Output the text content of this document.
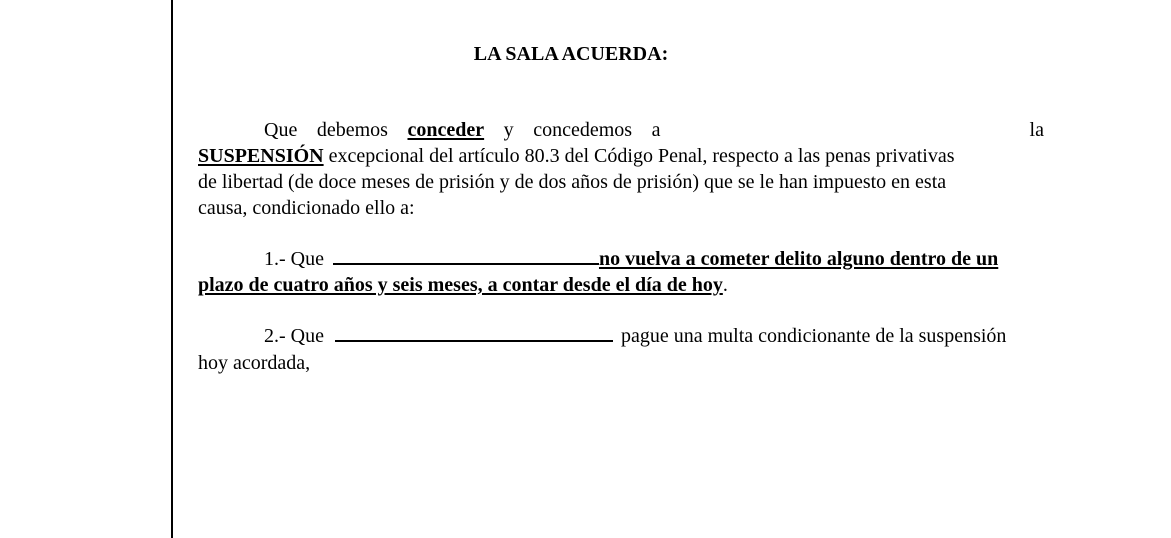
LA SALA ACUERDA:
Que debemos conceder y concedemos a	la
SUSPENSIÓN excepcional del artículo 80.3 del Código Penal, respecto a las penas privativas
de libertad (de doce meses de prisión y de dos años de prisión) que se le han impuesto en esta
causa, condicionado ello a:
1.- Que	no vuelva a cometer delito alguno dentro de un
plazo de cuatro años y seis meses, a contar desde el día de hoy.
2.- Que	pague una multa condicionante de la suspensión
hoy acordada,
